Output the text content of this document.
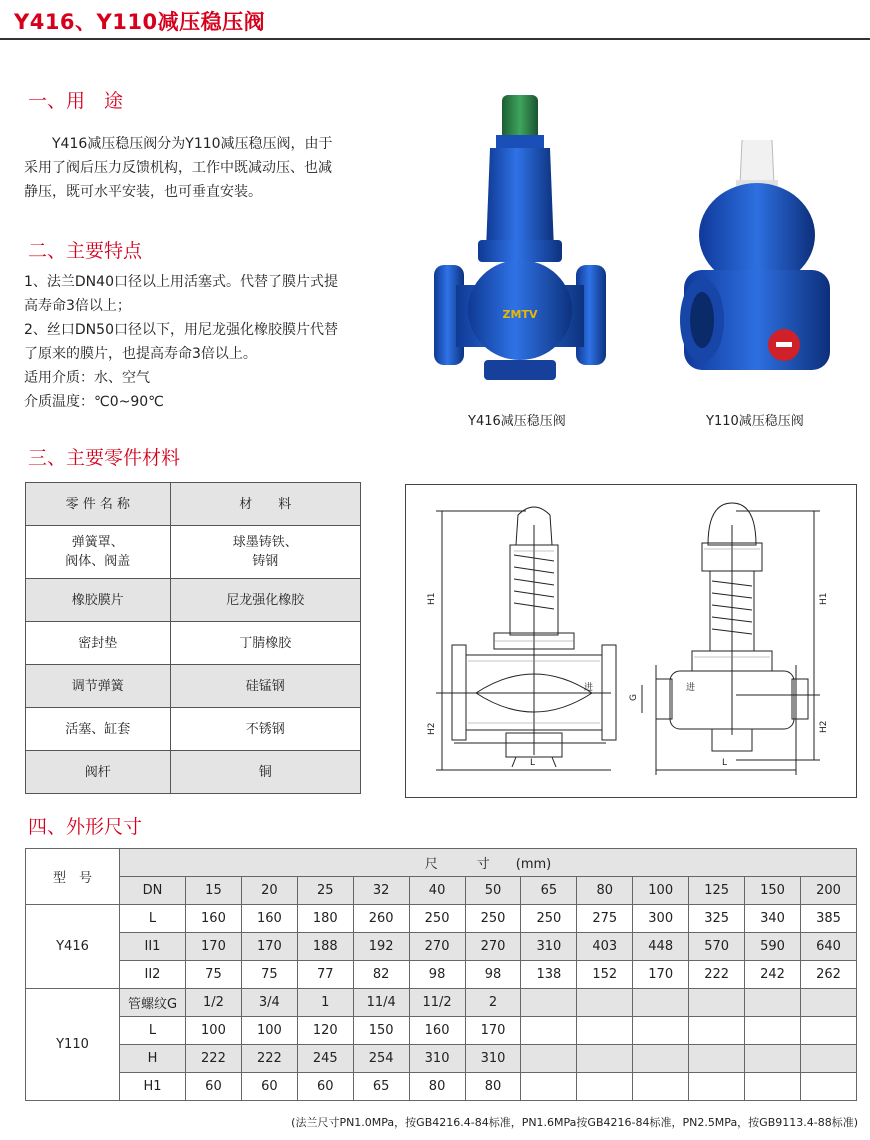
Y416、Y110减压稳压阀
一、用　途
Y416减压稳压阀分为Y110减压稳压阀，由于
采用了阀后压力反馈机构，工作中既减动压、也减
静压，既可水平安装，也可垂直安装。
二、主要特点
1、法兰DN40口径以上用活塞式。代替了膜片式提
高寿命3倍以上；
2、丝口DN50口径以下，用尼龙强化橡胶膜片代替
了原来的膜片，也提高寿命3倍以上。
适用介质：水、空气
介质温度：℃0~90℃
ZMTV
Y416减压稳压阀	Y110减压稳压阀
三、主要零件材料
零 件 名 称	材　　料
弹簧罩、
阀体、阀盖	球墨铸铁、
铸钢
橡胶膜片	尼龙强化橡胶
密封垫	丁腈橡胶
调节弹簧	硅锰钢
活塞、缸套	不锈钢
阀杆	铜
H1
H2
L
H1
H2
L
G
进	进
四、外形尺寸
型　号	尺　　　寸　　(mm)												
	DN	15	20	25	32	40	50	65	80	100	125	150	200
Y416	L	160	160	180	260	250	250	250	275	300	325	340	385
	II1	170	170	188	192	270	270	310	403	448	570	590	640
	II2	75	75	77	82	98	98	138	152	170	222	242	262
Y110	管螺纹G	1/2	3/4	1	11/4	11/2	2						
	L	100	100	120	150	160	170						
	H	222	222	245	254	310	310						
	H1	60	60	60	65	80	80						
(法兰尺寸PN1.0MPa，按GB4216.4-84标准，PN1.6MPa按GB4216-84标准，PN2.5MPa，按GB9113.4-88标准)
